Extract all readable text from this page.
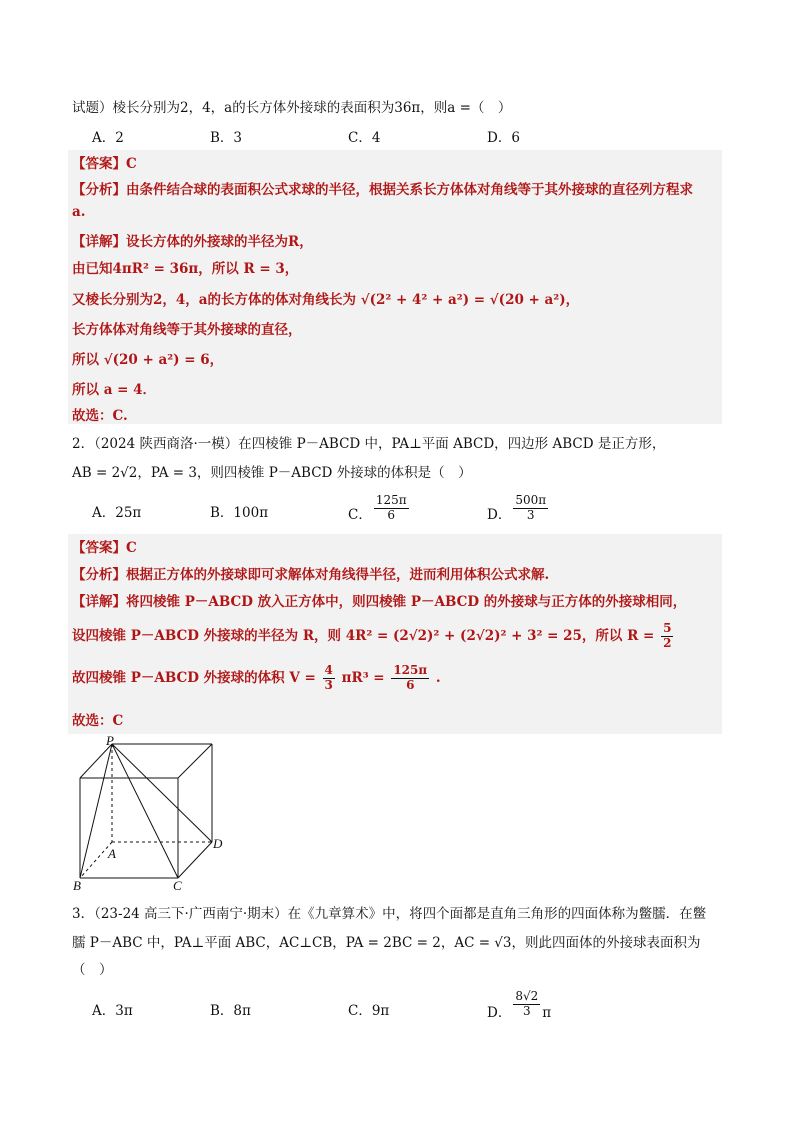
试题）棱长分别为2，4，a的长方体外接球的表面积为36π，则a =（　）
A．2	B．3	C．4	D．6
【答案】C
【分析】由条件结合球的表面积公式求球的半径，根据关系长方体体对角线等于其外接球的直径列方程求
a.
【详解】设长方体的外接球的半径为R，
由已知4πR² = 36π，所以 R = 3，
又棱长分别为2，4，a的长方体的体对角线长为 √(2² + 4² + a²) = √(20 + a²)，
长方体体对角线等于其外接球的直径，
所以 √(20 + a²) = 6，
所以 a = 4．
故选：C.
2．（2024 陕西商洛·一模）在四棱锥 P－ABCD 中，PA⊥平面 ABCD，四边形 ABCD 是正方形，
AB = 2√2，PA = 3，则四棱锥 P－ABCD 外接球的体积是（　）
A．25π	B．100π	C． $\frac{125\pi}{6}$	D． $\frac{500\pi}{3}$
【答案】C
【分析】根据正方体的外接球即可求解体对角线得半径，进而利用体积公式求解.
【详解】将四棱锥 P－ABCD 放入正方体中，则四棱锥 P－ABCD 的外接球与正方体的外接球相同，
设四棱锥 P－ABCD 外接球的半径为 R，则 4R² = (2√2)² + (2√2)² + 3² = 25，所以 $R = \frac{5}{2}$
故四棱锥 P－ABCD 外接球的体积 $V = \frac{4}{3} \pi R^3 = \frac{125\pi}{6}$ .
故选：C
P
A
B	C
D
3．（23-24 高三下·广西南宁·期末）在《九章算术》中，将四个面都是直角三角形的四面体称为鳖臑．在鳖
臑 P－ABC 中，PA⊥平面 ABC，AC⊥CB，PA = 2BC = 2，AC = √3，则此四面体的外接球表面积为
（　）
A．3π	B．8π	C．9π	D． $\frac{8√2}{3}$ π
